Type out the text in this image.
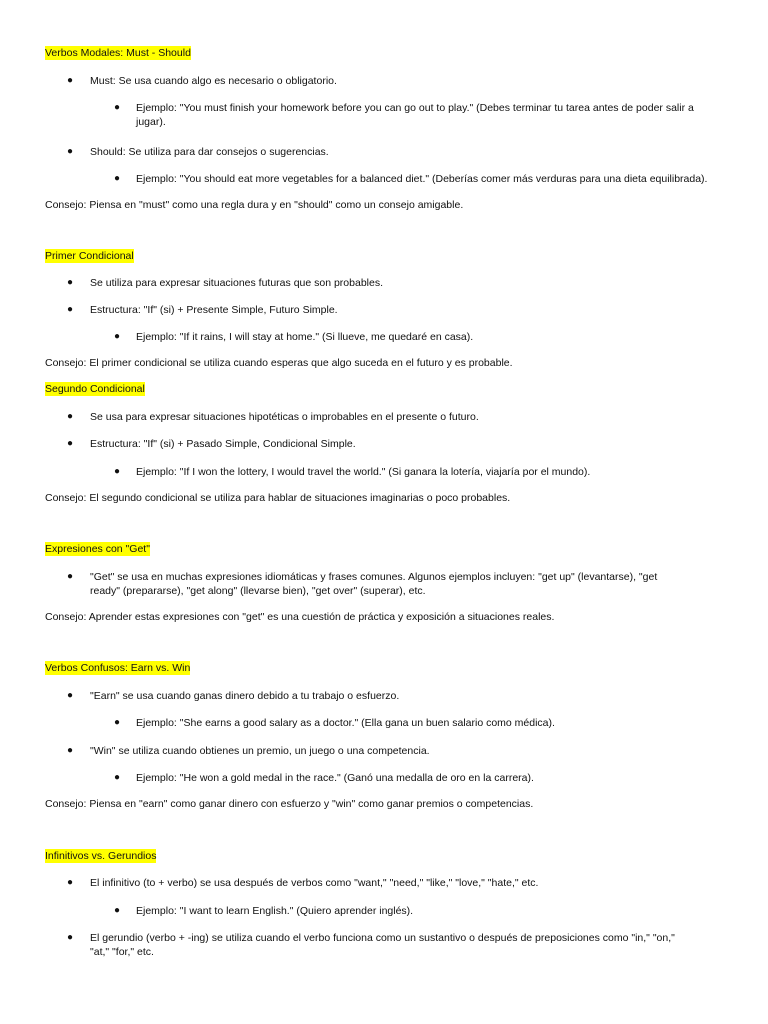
Verbos Modales: Must - Should
● Must: Se usa cuando algo es necesario o obligatorio.
● Ejemplo: "You must finish your homework before you can go out to play." (Debes terminar tu tarea antes de poder salir a jugar).
● Should: Se utiliza para dar consejos o sugerencias.
● Ejemplo: "You should eat more vegetables for a balanced diet." (Deberías comer más verduras para una dieta equilibrada).
Consejo: Piensa en "must" como una regla dura y en "should" como un consejo amigable.
Primer Condicional
● Se utiliza para expresar situaciones futuras que son probables.
● Estructura: "If" (si) + Presente Simple, Futuro Simple.
● Ejemplo: "If it rains, I will stay at home." (Si llueve, me quedaré en casa).
Consejo: El primer condicional se utiliza cuando esperas que algo suceda en el futuro y es probable.
Segundo Condicional
● Se usa para expresar situaciones hipotéticas o improbables en el presente o futuro.
● Estructura: "If" (si) + Pasado Simple, Condicional Simple.
● Ejemplo: "If I won the lottery, I would travel the world." (Si ganara la lotería, viajaría por el mundo).
Consejo: El segundo condicional se utiliza para hablar de situaciones imaginarias o poco probables.
Expresiones con "Get"
● "Get" se usa en muchas expresiones idiomáticas y frases comunes. Algunos ejemplos incluyen: "get up" (levantarse), "get ready" (prepararse), "get along" (llevarse bien), "get over" (superar), etc.
Consejo: Aprender estas expresiones con "get" es una cuestión de práctica y exposición a situaciones reales.
Verbos Confusos: Earn vs. Win
● "Earn" se usa cuando ganas dinero debido a tu trabajo o esfuerzo.
● Ejemplo: "She earns a good salary as a doctor." (Ella gana un buen salario como médica).
● "Win" se utiliza cuando obtienes un premio, un juego o una competencia.
● Ejemplo: "He won a gold medal in the race." (Ganó una medalla de oro en la carrera).
Consejo: Piensa en "earn" como ganar dinero con esfuerzo y "win" como ganar premios o competencias.
Infinitivos vs. Gerundios
● El infinitivo (to + verbo) se usa después de verbos como "want," "need," "like," "love," "hate," etc.
● Ejemplo: "I want to learn English." (Quiero aprender inglés).
● El gerundio (verbo + -ing) se utiliza cuando el verbo funciona como un sustantivo o después de preposiciones como "in," "on," "at," "for," etc.
